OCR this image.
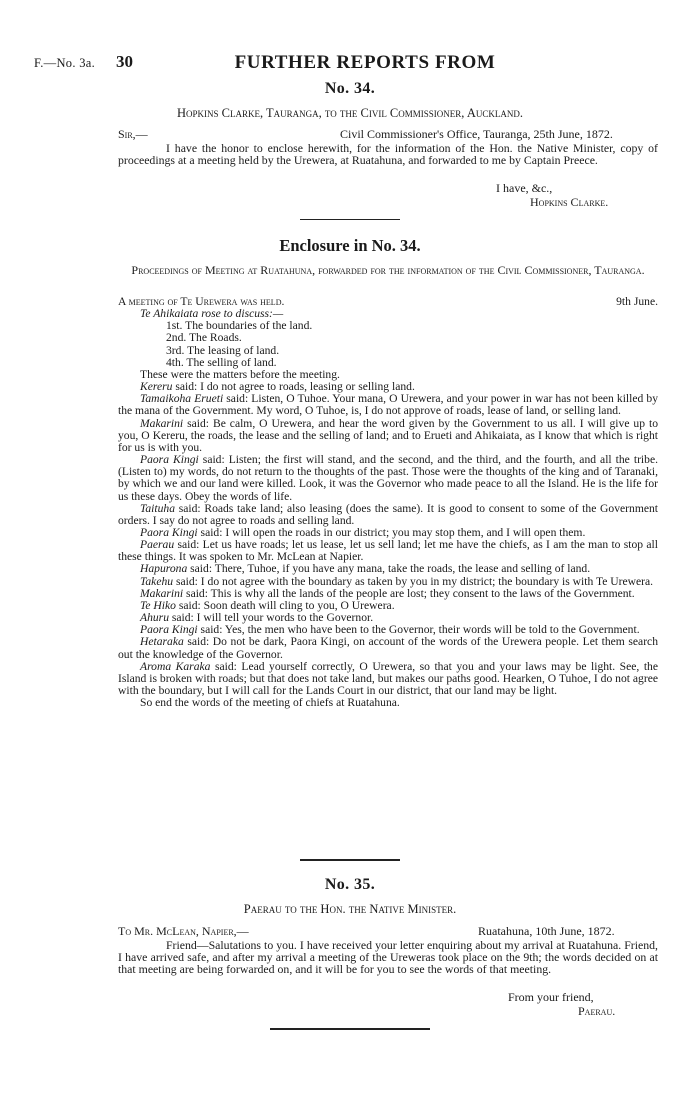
F.—No. 3a. 30	FURTHER REPORTS FROM
No. 34.
Hopkins Clarke, Tauranga, to the Civil Commissioner, Auckland.
Sir,—	Civil Commissioner's Office, Tauranga, 25th June, 1872.
I have the honor to enclose herewith, for the information of the Hon. the Native Minister, copy of proceedings at a meeting held by the Urewera, at Ruatahuna, and forwarded to me by Captain Preece.
I have, &c.,
Hopkins Clarke.
Enclosure in No. 34.
Proceedings of Meeting at Ruatahuna, forwarded for the information of the Civil Commissioner, Tauranga.

A meeting of Te Urewera was held.	9th June.

Te Ahikaiata rose to discuss:—

1st. The boundaries of the land.

2nd. The Roads.

3rd. The leasing of land.

4th. The selling of land.

These were the matters before the meeting.

Kereru said: I do not agree to roads, leasing or selling land.

Tamaikoha Erueti said: Listen, O Tuhoe. Your mana, O Urewera, and your power in war has not been killed by the mana of the Government. My word, O Tuhoe, is, I do not approve of roads, lease of land, or selling land.

Makarini said: Be calm, O Urewera, and hear the word given by the Government to us all. I will give up to you, O Kereru, the roads, the lease and the selling of land; and to Erueti and Ahikaiata, as I know that which is right for us is with you.

Paora Kingi said: Listen; the first will stand, and the second, and the third, and the fourth, and all the tribe. (Listen to) my words, do not return to the thoughts of the past. Those were the thoughts of the king and of Taranaki, by which we and our land were killed. Look, it was the Governor who made peace to all the Island. He is the life for us these days. Obey the words of life.

Taituha said: Roads take land; also leasing (does the same). It is good to consent to some of the Government orders. I say do not agree to roads and selling land.

Paora Kingi said: I will open the roads in our district; you may stop them, and I will open them.

Paerau said: Let us have roads; let us lease, let us sell land; let me have the chiefs, as I am the man to stop all these things. It was spoken to Mr. McLean at Napier.

Hapurona said: There, Tuhoe, if you have any mana, take the roads, the lease and selling of land.

Takehu said: I do not agree with the boundary as taken by you in my district; the boundary is with Te Urewera.

Makarini said: This is why all the lands of the people are lost; they consent to the laws of the Government.

Te Hiko said: Soon death will cling to you, O Urewera.

Ahuru said: I will tell your words to the Governor.

Paora Kingi said: Yes, the men who have been to the Governor, their words will be told to the Government.

Hetaraka said: Do not be dark, Paora Kingi, on account of the words of the Urewera people. Let them search out the knowledge of the Governor.

Aroma Karaka said: Lead yourself correctly, O Urewera, so that you and your laws may be light. See, the Island is broken with roads; but that does not take land, but makes our paths good. Hearken, O Tuhoe, I do not agree with the boundary, but I will call for the Lands Court in our district, that our land may be light.

So end the words of the meeting of chiefs at Ruatahuna.

No. 35.
Paerau to the Hon. the Native Minister.
To Mr. McLean, Napier,—	Ruatahuna, 10th June, 1872.
Friend—Salutations to you. I have received your letter enquiring about my arrival at Ruatahuna. Friend, I have arrived safe, and after my arrival a meeting of the Ureweras took place on the 9th; the words decided on at that meeting are being forwarded on, and it will be for you to see the words of that meeting.
From your friend,
Paerau.
